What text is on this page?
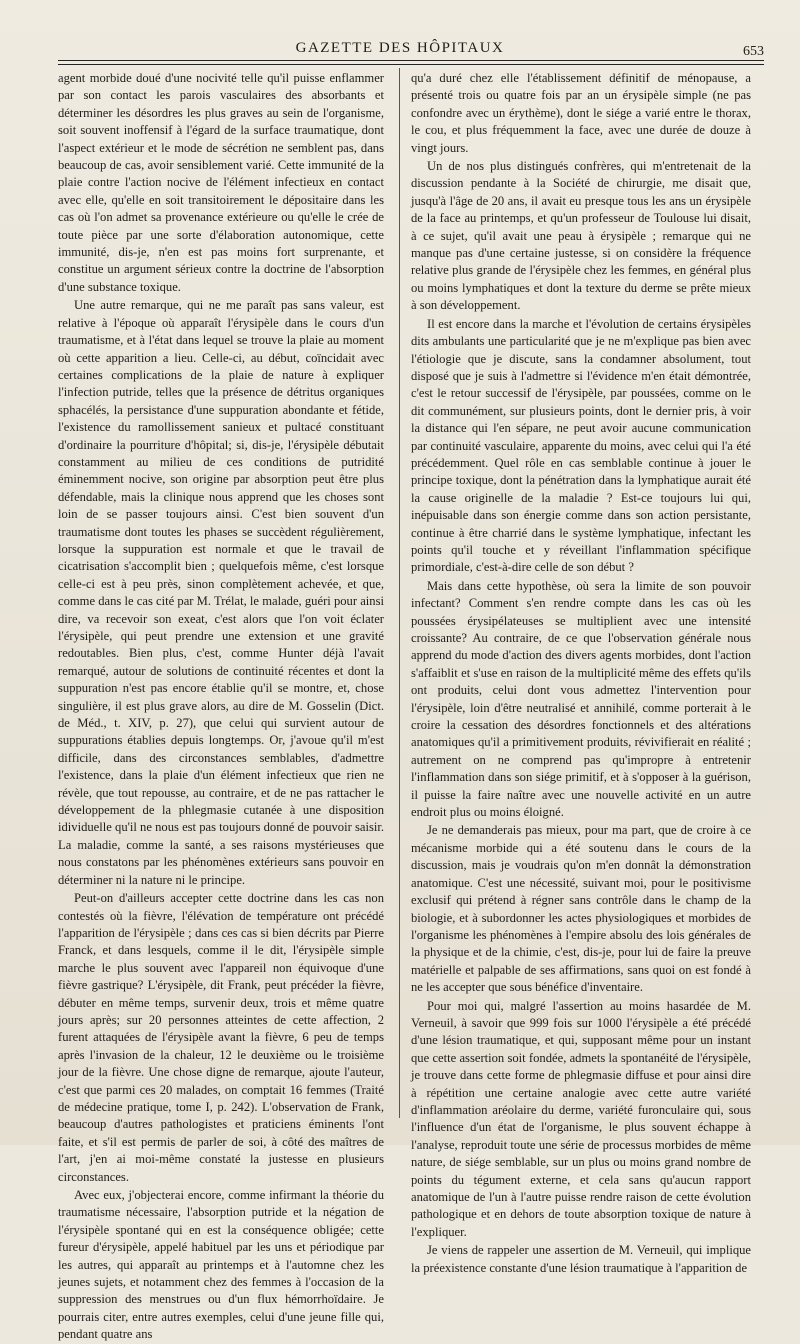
GAZETTE DES HÔPITAUX	653

agent morbide doué d'une nocivité telle qu'il puisse enflammer par son contact les parois vasculaires des absorbants et déterminer les désordres les plus graves au sein de l'organisme, soit souvent inoffensif à l'égard de la surface traumatique, dont l'aspect extérieur et le mode de sécrétion ne semblent pas, dans beaucoup de cas, avoir sensiblement varié. Cette immunité de la plaie contre l'action nocive de l'élément infectieux en contact avec elle, qu'elle en soit transitoirement le dépositaire dans les cas où l'on admet sa provenance extérieure ou qu'elle le crée de toute pièce par une sorte d'élaboration autonomique, cette immunité, dis-je, n'en est pas moins fort surprenante, et constitue un argument sérieux contre la doctrine de l'absorption d'une substance toxique.

Une autre remarque, qui ne me paraît pas sans valeur, est relative à l'époque où apparaît l'érysipèle dans le cours d'un traumatisme, et à l'état dans lequel se trouve la plaie au moment où cette apparition a lieu. Celle-ci, au début, coïncidait avec certaines complications de la plaie de nature à expliquer l'infection putride, telles que la présence de détritus organiques sphacélés, la persistance d'une suppuration abondante et fétide, l'existence du ramollissement sanieux et pultacé constituant d'ordinaire la pourriture d'hôpital; si, dis-je, l'érysipèle débutait constamment au milieu de ces conditions de putridité éminemment nocive, son origine par absorption peut être plus défendable, mais la clinique nous apprend que les choses sont loin de se passer toujours ainsi. C'est bien souvent d'un traumatisme dont toutes les phases se succèdent régulièrement, lorsque la suppuration est normale et que le travail de cicatrisation s'accomplit bien ; quelquefois même, c'est lorsque celle-ci est à peu près, sinon complètement achevée, et que, comme dans le cas cité par M. Trélat, le malade, guéri pour ainsi dire, va recevoir son exeat, c'est alors que l'on voit éclater l'érysipèle, qui peut prendre une extension et une gravité redoutables. Bien plus, c'est, comme Hunter déjà l'avait remarqué, autour de solutions de continuité récentes et dont la suppuration n'est pas encore établie qu'il se montre, et, chose singulière, il est plus grave alors, au dire de M. Gosselin (Dict. de Méd., t. XIV, p. 27), que celui qui survient autour de suppurations établies depuis longtemps. Or, j'avoue qu'il m'est difficile, dans des circonstances semblables, d'admettre l'existence, dans la plaie d'un élément infectieux que rien ne révèle, que tout repousse, au contraire, et de ne pas rattacher le développement de la phlegmasie cutanée à une disposition idividuelle qu'il ne nous est pas toujours donné de pouvoir saisir. La maladie, comme la santé, a ses raisons mystérieuses que nous constatons par les phénomènes extérieurs sans pouvoir en déterminer ni la nature ni le principe.

Peut-on d'ailleurs accepter cette doctrine dans les cas non contestés où la fièvre, l'élévation de température ont précédé l'apparition de l'érysipèle ; dans ces cas si bien décrits par Pierre Franck, et dans lesquels, comme il le dit, l'érysipèle simple marche le plus souvent avec l'appareil non équivoque d'une fièvre gastrique? L'érysipèle, dit Frank, peut précéder la fièvre, débuter en même temps, survenir deux, trois et même quatre jours après; sur 20 personnes atteintes de cette affection, 2 furent attaquées de l'érysipèle avant la fièvre, 6 peu de temps après l'invasion de la chaleur, 12 le deuxième ou le troisième jour de la fièvre. Une chose digne de remarque, ajoute l'auteur, c'est que parmi ces 20 malades, on comptait 16 femmes (Traité de médecine pratique, tome I, p. 242). L'observation de Frank, beaucoup d'autres pathologistes et praticiens éminents l'ont faite, et s'il est permis de parler de soi, à côté des maîtres de l'art, j'en ai moi-même constaté la justesse en plusieurs circonstances.

Avec eux, j'objecterai encore, comme infirmant la théorie du traumatisme nécessaire, l'absorption putride et la négation de l'érysipèle spontané qui en est la conséquence obligée; cette fureur d'érysipèle, appelé habituel par les uns et périodique par les autres, qui apparaît au printemps et à l'automne chez les jeunes sujets, et notamment chez des femmes à l'occasion de la suppression des menstrues ou d'un flux hémorrhoïdaire. Je pourrais citer, entre autres exemples, celui d'une jeune fille qui, pendant quatre ans

qu'a duré chez elle l'établissement définitif de ménopause, a présenté trois ou quatre fois par an un érysipèle simple (ne pas confondre avec un érythème), dont le siége a varié entre le thorax, le cou, et plus fréquemment la face, avec une durée de douze à vingt jours.

Un de nos plus distingués confrères, qui m'entretenait de la discussion pendante à la Société de chirurgie, me disait que, jusqu'à l'âge de 20 ans, il avait eu presque tous les ans un érysipèle de la face au printemps, et qu'un professeur de Toulouse lui disait, à ce sujet, qu'il avait une peau à érysipèle ; remarque qui ne manque pas d'une certaine justesse, si on considère la fréquence relative plus grande de l'érysipèle chez les femmes, en général plus ou moins lymphatiques et dont la texture du derme se prête mieux à son développement.

Il est encore dans la marche et l'évolution de certains érysipèles dits ambulants une particularité que je ne m'explique pas bien avec l'étiologie que je discute, sans la condamner absolument, tout disposé que je suis à l'admettre si l'évidence m'en était démontrée, c'est le retour successif de l'érysipèle, par poussées, comme on le dit communément, sur plusieurs points, dont le dernier pris, à voir la distance qui l'en sépare, ne peut avoir aucune communication par continuité vasculaire, apparente du moins, avec celui qui l'a été précédemment. Quel rôle en cas semblable continue à jouer le principe toxique, dont la pénétration dans la lymphatique aurait été la cause originelle de la maladie ? Est-ce toujours lui qui, inépuisable dans son énergie comme dans son action persistante, continue à être charrié dans le système lymphatique, infectant les points qu'il touche et y réveillant l'inflammation spécifique primordiale, c'est-à-dire celle de son début ?

Mais dans cette hypothèse, où sera la limite de son pouvoir infectant? Comment s'en rendre compte dans les cas où les poussées érysipélateuses se multiplient avec une intensité croissante? Au contraire, de ce que l'observation générale nous apprend du mode d'action des divers agents morbides, dont l'action s'affaiblit et s'use en raison de la multiplicité même des effets qu'ils ont produits, celui dont vous admettez l'intervention pour l'érysipèle, loin d'être neutralisé et annihilé, comme porterait à le croire la cessation des désordres fonctionnels et des altérations anatomiques qu'il a primitivement produits, révivifierait en réalité ; autrement on ne comprend pas qu'impropre à entretenir l'inflammation dans son siége primitif, et à s'opposer à la guérison, il puisse la faire naître avec une nouvelle activité en un autre endroit plus ou moins éloigné.

Je ne demanderais pas mieux, pour ma part, que de croire à ce mécanisme morbide qui a été soutenu dans le cours de la discussion, mais je voudrais qu'on m'en donnât la démonstration anatomique. C'est une nécessité, suivant moi, pour le positivisme exclusif qui prétend à régner sans contrôle dans le champ de la biologie, et à subordonner les actes physiologiques et morbides de l'organisme les phénomènes à l'empire absolu des lois générales de la physique et de la chimie, c'est, dis-je, pour lui de faire la preuve matérielle et palpable de ses affirmations, sans quoi on est fondé à ne les accepter que sous bénéfice d'inventaire.

Pour moi qui, malgré l'assertion au moins hasardée de M. Verneuil, à savoir que 999 fois sur 1000 l'érysipèle a été précédé d'une lésion traumatique, et qui, supposant même pour un instant que cette assertion soit fondée, admets la spontanéité de l'érysipèle, je trouve dans cette forme de phlegmasie diffuse et pour ainsi dire à répétition une certaine analogie avec cette autre variété d'inflammation aréolaire du derme, variété furonculaire qui, sous l'influence d'un état de l'organisme, le plus souvent échappe à l'analyse, reproduit toute une série de processus morbides de même nature, de siége semblable, sur un plus ou moins grand nombre de points du tégument externe, et cela sans qu'aucun rapport anatomique de l'un à l'autre puisse rendre raison de cette évolution pathologique et en dehors de toute absorption toxique de nature à l'expliquer.

Je viens de rappeler une assertion de M. Verneuil, qui implique la préexistence constante d'une lésion traumatique à l'apparition de
